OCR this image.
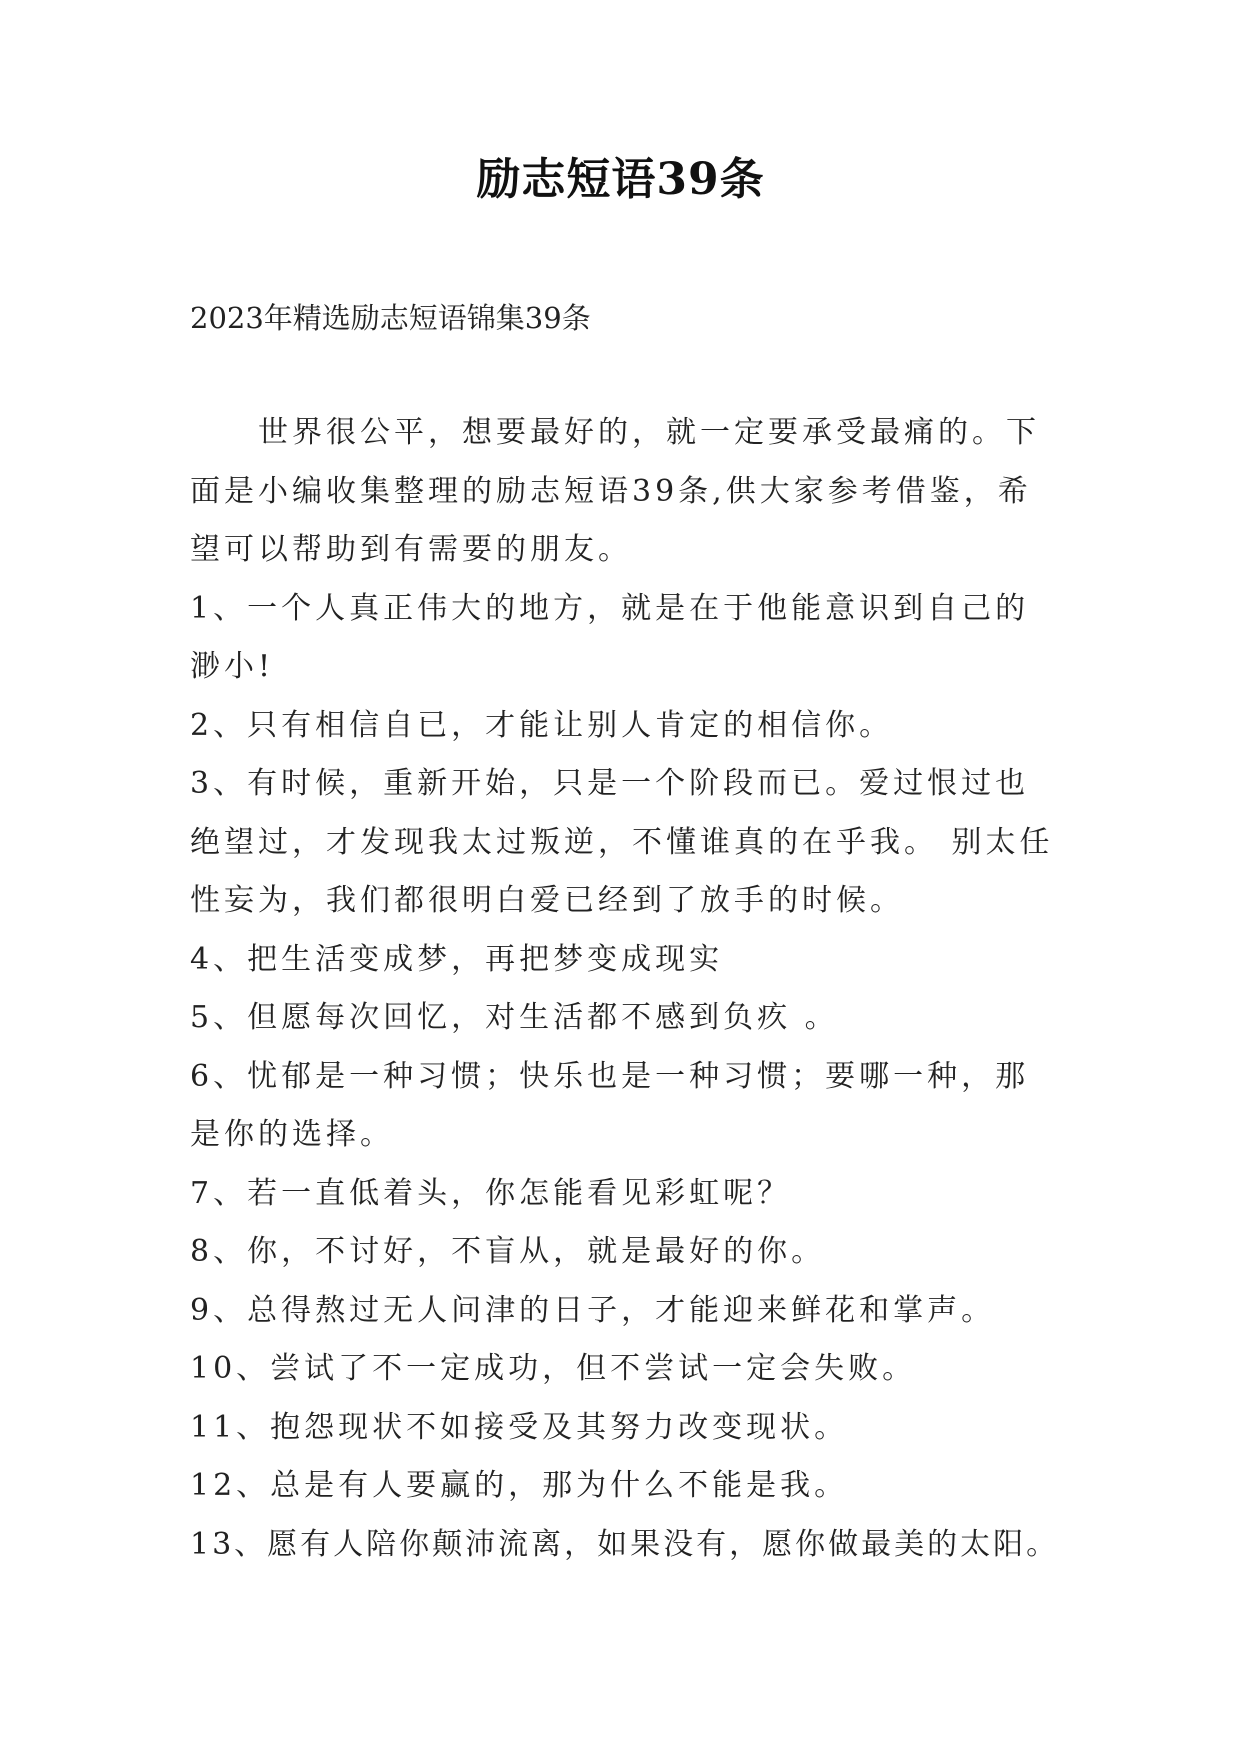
励志短语39条
2023年精选励志短语锦集39条

世界很公平，想要最好的，就一定要承受最痛的。下面是小编收集整理的励志短语39条,供大家参考借鉴，希望可以帮助到有需要的朋友。

1、一个人真正伟大的地方，就是在于他能意识到自己的渺小!

2、只有相信自已，才能让别人肯定的相信你。

3、有时候，重新开始，只是一个阶段而已。爱过恨过也绝望过，才发现我太过叛逆，不懂谁真的在乎我。 别太任性妄为，我们都很明白爱已经到了放手的时候。

4、把生活变成梦，再把梦变成现实

5、但愿每次回忆，对生活都不感到负疚 。

6、忧郁是一种习惯；快乐也是一种习惯；要哪一种，那是你的选择。

7、若一直低着头，你怎能看见彩虹呢？

8、你，不讨好，不盲从，就是最好的你。

9、总得熬过无人问津的日子，才能迎来鲜花和掌声。

10、尝试了不一定成功，但不尝试一定会失败。

11、抱怨现状不如接受及其努力改变现状。

12、总是有人要赢的，那为什么不能是我。

13、愿有人陪你颠沛流离，如果没有，愿你做最美的太阳。
